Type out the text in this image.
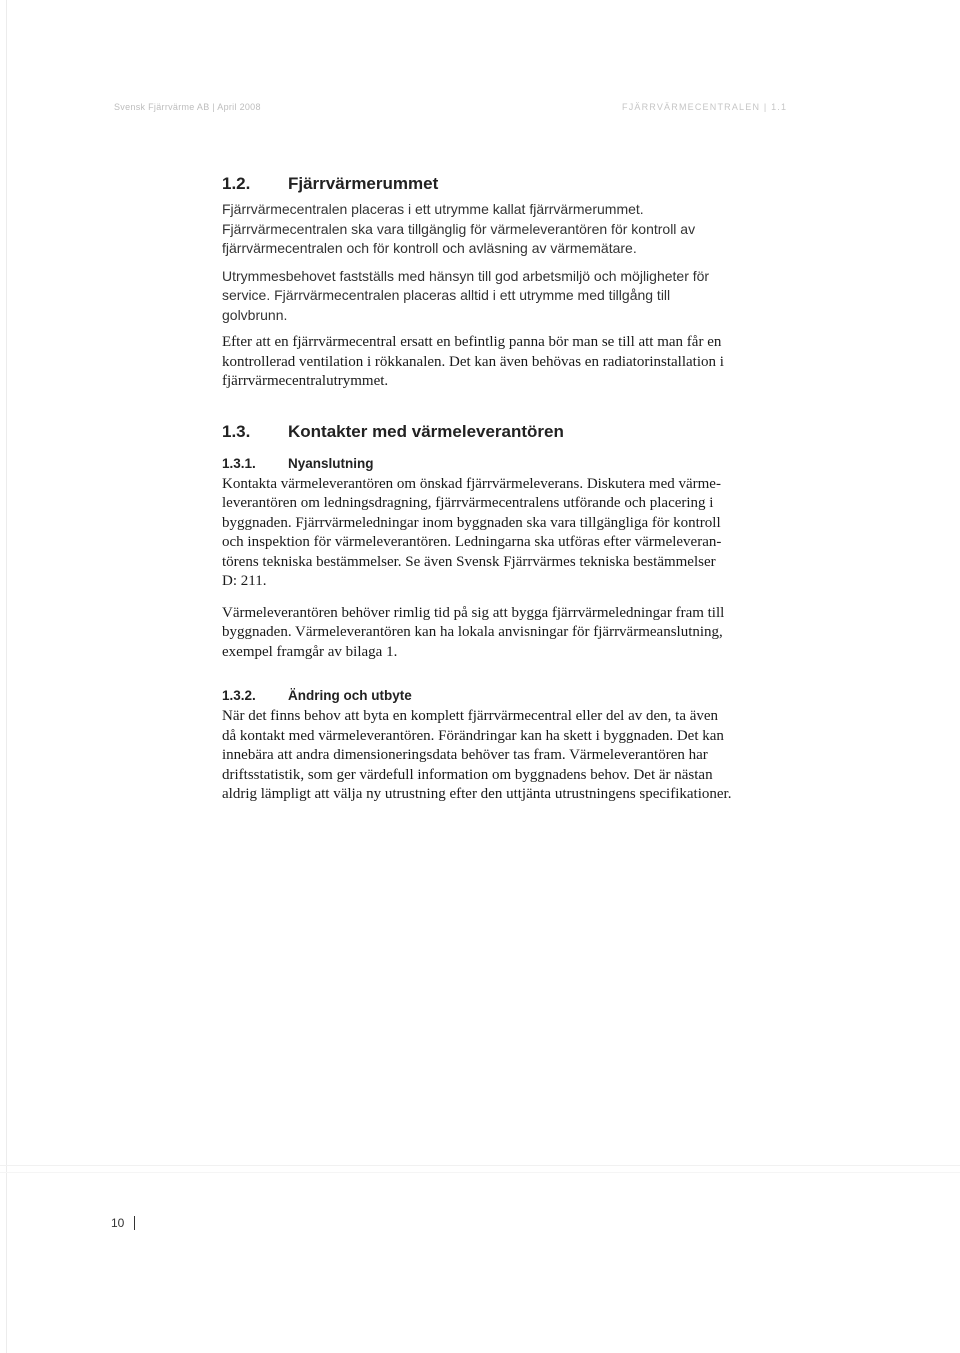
Svensk Fjärrvärme AB | April 2008	FJÄRRVÄRMECENTRALEN | 1.1
1.2.	Fjärrvärmerummet

Fjärrvärmecentralen placeras i ett utrymme kallat fjärrvärmerummet.
Fjärrvärmecentralen ska vara tillgänglig för värmeleverantören för kontroll av
fjärrvärmecentralen och för kontroll och avläsning av värmemätare.

Utrymmesbehovet fastställs med hänsyn till god arbetsmiljö och möjligheter för
service. Fjärrvärmecentralen placeras alltid i ett utrymme med tillgång till
golvbrunn.

Efter att en fjärrvärmecentral ersatt en befintlig panna bör man se till att man får en
kontrollerad ventilation i rökkanalen. Det kan även behövas en radiatorinstallation i
fjärrvärmecentralutrymmet.

1.3.	Kontakter med värmeleverantören
1.3.1.	Nyanslutning

Kontakta värmeleverantören om önskad fjärrvärmeleverans. Diskutera med värme-
leverantören om ledningsdragning, fjärrvärmecentralens utförande och placering i
byggnaden. Fjärrvärmeledningar inom byggnaden ska vara tillgängliga för kontroll
och inspektion för värmeleverantören. Ledningarna ska utföras efter värmeleveran-
törens tekniska bestämmelser. Se även Svensk Fjärrvärmes tekniska bestämmelser
D: 211.

Värmeleverantören behöver rimlig tid på sig att bygga fjärrvärmeledningar fram till
byggnaden. Värmeleverantören kan ha lokala anvisningar för fjärrvärmeanslutning,
exempel framgår av bilaga 1.

1.3.2.	Ändring och utbyte

När det finns behov att byta en komplett fjärrvärmecentral eller del av den, ta även
då kontakt med värmeleverantören. Förändringar kan ha skett i byggnaden. Det kan
innebära att andra dimensioneringsdata behöver tas fram. Värmeleverantören har
driftsstatistik, som ger värdefull information om byggnadens behov. Det är nästan
aldrig lämpligt att välja ny utrustning efter den uttjänta utrustningens specifikationer.

10
